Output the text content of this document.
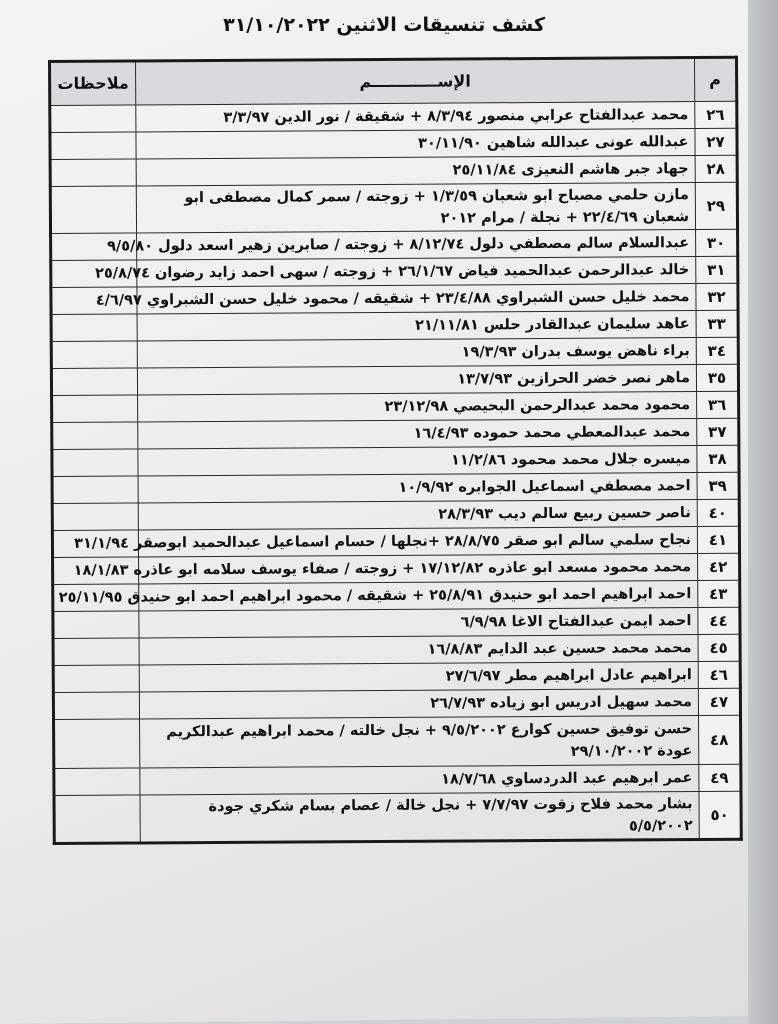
كشف تنسيقات الاثنين ٣١/١٠/٢٠٢٢
م	الإســــــــــــم	ملاحظات
٢٦	محمد عبدالفتاح عرابي منصور ٨/٣/٩٤ + شقيقة / نور الدين ٣/٣/٩٧	
٢٧	عبدالله عونى عبدالله شاهين ٣٠/١١/٩٠	
٢٨	جهاد جبر هاشم النعيزى ٢٥/١١/٨٤	
٢٩	مازن حلمي مصباح ابو شعبان ١/٣/٥٩ + زوجته / سمر كمال مصطفى ابو شعبان ٢٢/٤/٦٩ + نجلة / مرام ٢٠١٢	
٣٠	عبدالسلام سالم مصطفي دلول ٨/١٢/٧٤ + زوجته / صابرين زهير اسعد دلول ٩/٥/٨٠	
٣١	خالد عبدالرحمن عبدالحميد فياض ٢٦/١/٦٧ + زوجته / سهى احمد زايد رضوان ٢٥/٨/٧٤	
٣٢	محمد خليل حسن الشبراوي ٢٣/٤/٨٨ + شقيقه / محمود خليل حسن الشبراوي ٤/٦/٩٧	
٣٣	عاهد سليمان عبدالقادر حلس ٢١/١١/٨١	
٣٤	براء ناهض يوسف بدران ١٩/٣/٩٣	
٣٥	ماهر نصر خضر الحرازين ١٣/٧/٩٣	
٣٦	محمود محمد عبدالرحمن البحيصي ٢٣/١٢/٩٨	
٣٧	محمد عبدالمعطي محمد حموده ١٦/٤/٩٣	
٣٨	ميسره جلال محمد محمود ١١/٢/٨٦	
٣٩	احمد مصطفي اسماعيل الجوابره ١٠/٩/٩٢	
٤٠	ناصر حسين ربيع سالم ديب ٢٨/٣/٩٣	
٤١	نجاح سلمي سالم ابو صقر ٢٨/٨/٧٥ +نجلها / حسام اسماعيل عبدالحميد ابوصقر ٣١/١/٩٤	
٤٢	محمد محمود مسعد ابو عاذره ١٧/١٢/٨٢ + زوجته / صفاء يوسف سلامه ابو عاذره ١٨/١/٨٣	
٤٣	احمد ابراهيم احمد ابو حنيدق ٢٥/٨/٩١ + شقيقه / محمود ابراهيم احمد ابو حنيدق ٢٥/١١/٩٥	
٤٤	احمد ايمن عبدالفتاح الاغا ٦/٩/٩٨	
٤٥	محمد محمد حسين عبد الدايم ١٦/٨/٨٣	
٤٦	ابراهيم عادل ابراهيم مطر ٢٧/٦/٩٧	
٤٧	محمد سهيل ادريس ابو زياده ٢٦/٧/٩٣	
٤٨	حسن توفيق حسين كوارع ٩/٥/٢٠٠٢ + نجل خالته / محمد ابراهيم عبدالكريم عودة ٢٩/١٠/٢٠٠٢	
٤٩	عمر ابرهيم عبد الدردساوي ١٨/٧/٦٨	
٥٠	بشار محمد فلاح زقوت ٧/٧/٩٧ + نجل خالة / عصام بسام شكري جودة ٥/٥/٢٠٠٢	
